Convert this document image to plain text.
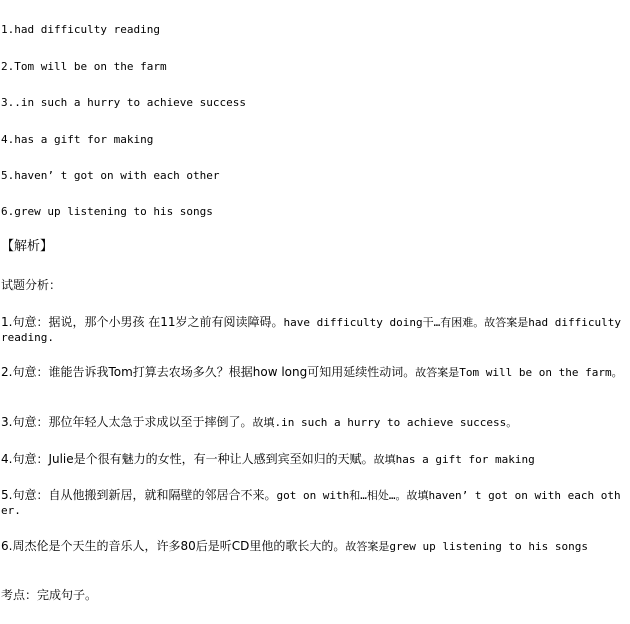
1.had difficulty reading

2.Tom will be on the farm

3..in such a hurry to achieve success

4.has a gift for making

5.haven’ t got on with each other

6.grew up listening to his songs

【解析】

试题分析：

1.句意：据说，那个小男孩 在11岁之前有阅读障碍。have difficulty doing干…有困难。故答案是had difficulty reading.
2.句意：谁能告诉我Tom打算去农场多久？根据how long可知用延续性动词。故答案是Tom will be on the farm。
3.句意：那位年轻人太急于求成以至于摔倒了。故填.in such a hurry to achieve success。
4.句意：Julie是个很有魅力的女性，有一种让人感到宾至如归的天赋。故填has a gift for making
5.句意：自从他搬到新居，就和隔壁的邻居合不来。got on with和…相处…。故填haven’ t got on with each other.
6.周杰伦是个天生的音乐人，许多80后是听CD里他的歌长大的。故答案是grew up listening to his songs

考点：完成句子。
